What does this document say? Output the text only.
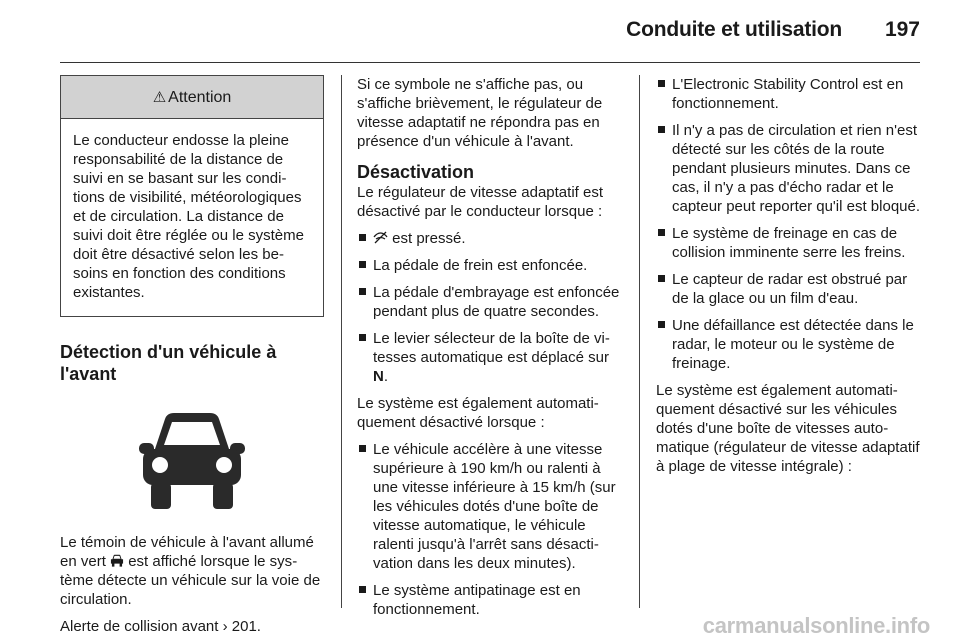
Conduite et utilisation 197
⚠ Attention
Le conducteur endosse la pleine responsabilité de la distance de suivi en se basant sur les conditions de visibilité, météorologiques et de circulation. La distance de suivi doit être réglée ou le système doit être désactivé selon les besoins en fonction des conditions existantes.
Détection d'un véhicule à l'avant

Le témoin de véhicule à l'avant allumé en vert  est affiché lorsque le système détecte un véhicule sur la voie de circulation.

Alerte de collision avant › 201.

Si ce symbole ne s'affiche pas, ou s'affiche brièvement, le régulateur de vitesse adaptatif ne répondra pas en présence d'un véhicule à l'avant.

Désactivation

Le régulateur de vitesse adaptatif est désactivé par le conducteur lorsque :

est pressé.
La pédale de frein est enfoncée.
La pédale d'embrayage est enfoncée pendant plus de quatre secondes.
Le levier sélecteur de la boîte de vitesses automatique est déplacé sur N.

Le système est également automatiquement désactivé lorsque :

Le véhicule accélère à une vitesse supérieure à 190 km/h ou ralenti à une vitesse inférieure à 15 km/h (sur les véhicules dotés d'une boîte de vitesse automatique, le véhicule ralenti jusqu'à l'arrêt sans désactivation dans les deux minutes).
Le système antipatinage est en fonctionnement.
L'Electronic Stability Control est en fonctionnement.
Il n'y a pas de circulation et rien n'est détecté sur les côtés de la route pendant plusieurs minutes. Dans ce cas, il n'y a pas d'écho radar et le capteur peut reporter qu'il est bloqué.
Le système de freinage en cas de collision imminente serre les freins.
Le capteur de radar est obstrué par de la glace ou un film d'eau.
Une défaillance est détectée dans le radar, le moteur ou le système de freinage.

Le système est également automatiquement désactivé sur les véhicules dotés d'une boîte de vitesses automatique (régulateur de vitesse adaptatif à plage de vitesse intégrale) :

carmanualsonline.info
